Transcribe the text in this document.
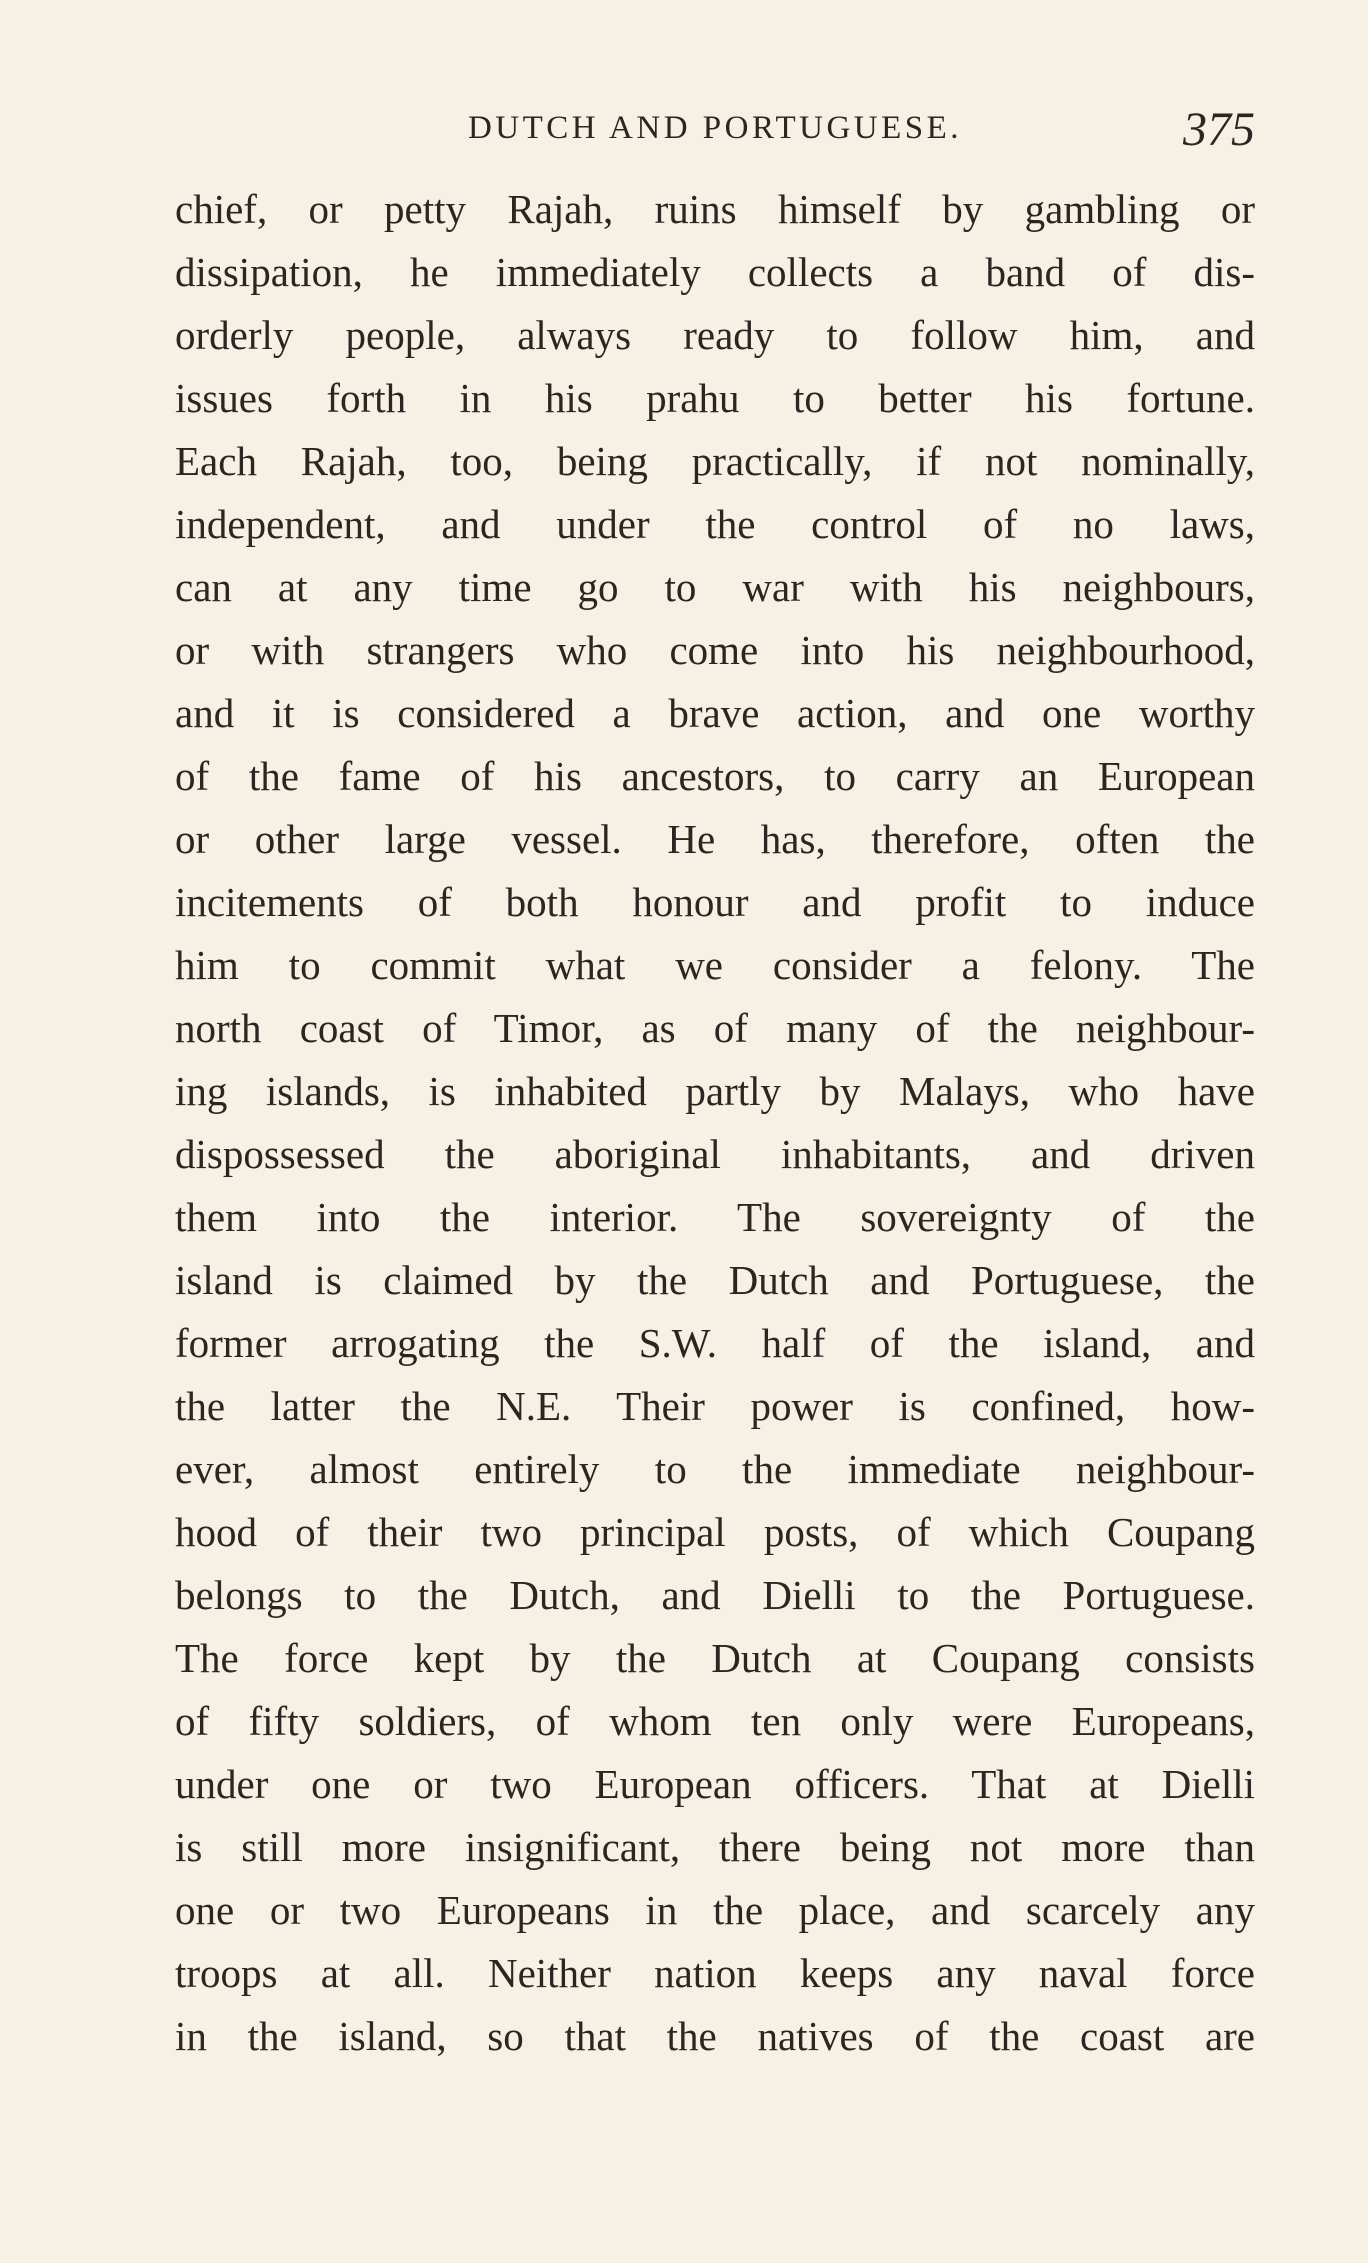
DUTCH AND PORTUGUESE.	375
chief, or petty Rajah, ruins himself by gambling or
dissipation, he immediately collects a band of dis-
orderly people, always ready to follow him, and
issues forth in his prahu to better his fortune.
Each Rajah, too, being practically, if not nominally,
independent, and under the control of no laws,
can at any time go to war with his neighbours,
or with strangers who come into his neighbourhood,
and it is considered a brave action, and one worthy
of the fame of his ancestors, to carry an European
or other large vessel. He has, therefore, often the
incitements of both honour and profit to induce
him to commit what we consider a felony. The
north coast of Timor, as of many of the neighbour-
ing islands, is inhabited partly by Malays, who have
dispossessed the aboriginal inhabitants, and driven
them into the interior. The sovereignty of the
island is claimed by the Dutch and Portuguese, the
former arrogating the S.W. half of the island, and
the latter the N.E. Their power is confined, how-
ever, almost entirely to the immediate neighbour-
hood of their two principal posts, of which Coupang
belongs to the Dutch, and Dielli to the Portuguese.
The force kept by the Dutch at Coupang consists
of fifty soldiers, of whom ten only were Europeans,
under one or two European officers. That at Dielli
is still more insignificant, there being not more than
one or two Europeans in the place, and scarcely any
troops at all. Neither nation keeps any naval force
in the island, so that the natives of the coast are
